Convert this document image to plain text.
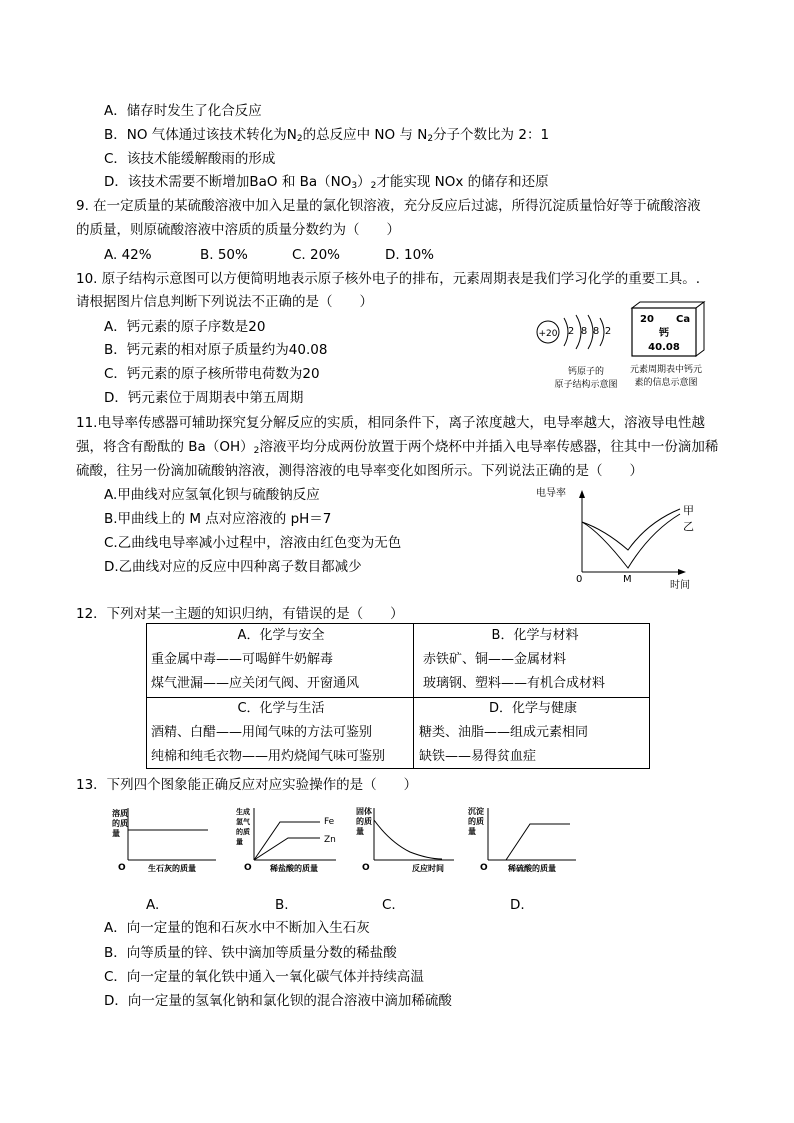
A．储存时发生了化合反应
B．NO 气体通过该技术转化为$N_2$的总反应中 NO 与 $N_2$分子个数比为 2：1
C．该技术能缓解酸雨的形成
D．该技术需要不断增加BaO 和 $Ba(NO_3)_2$才能实现 NOx 的储存和还原
9. 在一定质量的某硫酸溶液中加入足量的氯化钡溶液，充分反应后过滤，所得沉淀质量恰好等于硫酸溶液
的质量，则原硫酸溶液中溶质的质量分数约为（　　）
A. 42%	B. 50%	C. 20%	D. 10%
10. 原子结构示意图可以方便简明地表示原子核外电子的排布，元素周期表是我们学习化学的重要工具。.
请根据图片信息判断下列说法不正确的是（　　）
A．钙元素的原子序数是20
B．钙元素的相对原子质量约为40.08
C．钙元素的原子核所带电荷数为20
D．钙元素位于周期表中第五周期
+20 2 8 8 2
钙原子的
原子结构示意图
20 Ca
钙
40.08
元素周期表中钙元
素的信息示意图
11.电导率传感器可辅助探究复分解反应的实质，相同条件下，离子浓度越大，电导率越大，溶液导电性越
强，将含有酚酞的 $Ba(OH)_2$溶液平均分成两份放置于两个烧杯中并插入电导率传感器，往其中一份滴加稀
硫酸，往另一份滴加硫酸钠溶液，测得溶液的电导率变化如图所示。下列说法正确的是（　　）
A.甲曲线对应氢氧化钡与硫酸钠反应
B.甲曲线上的 M 点对应溶液的 pH＝7
C.乙曲线电导率减小过程中，溶液由红色变为无色
D.乙曲线对应的反应中四种离子数目都减少
电导率
时间
0	M
甲
乙
12．下列对某一主题的知识归纳，有错误的是（　　）
A．化学与安全
重金属中毒——可喝鲜牛奶解毒
煤气泄漏——应关闭气阀、开窗通风
B．化学与材料
赤铁矿、铜——金属材料
玻璃钢、塑料——有机合成材料
C．化学与生活
酒精、白醋——用闻气味的方法可鉴别
纯棉和纯毛衣物——用灼烧闻气味可鉴别
D．化学与健康
糖类、油脂——组成元素相同
缺铁——易得贫血症
13．下列四个图象能正确反应对应实验操作的是（　　）
溶质的质量
生石灰的质量
O
生成氢气的质量
Fe
Zn
稀盐酸的质量
O
固体的质量
反应时间
O
沉淀的质量
稀硫酸的质量
O
A.	B.	C.	D.
A．向一定量的饱和石灰水中不断加入生石灰
B．向等质量的锌、铁中滴加等质量分数的稀盐酸
C．向一定量的氧化铁中通入一氧化碳气体并持续高温
D．向一定量的氢氧化钠和氯化钡的混合溶液中滴加稀硫酸
